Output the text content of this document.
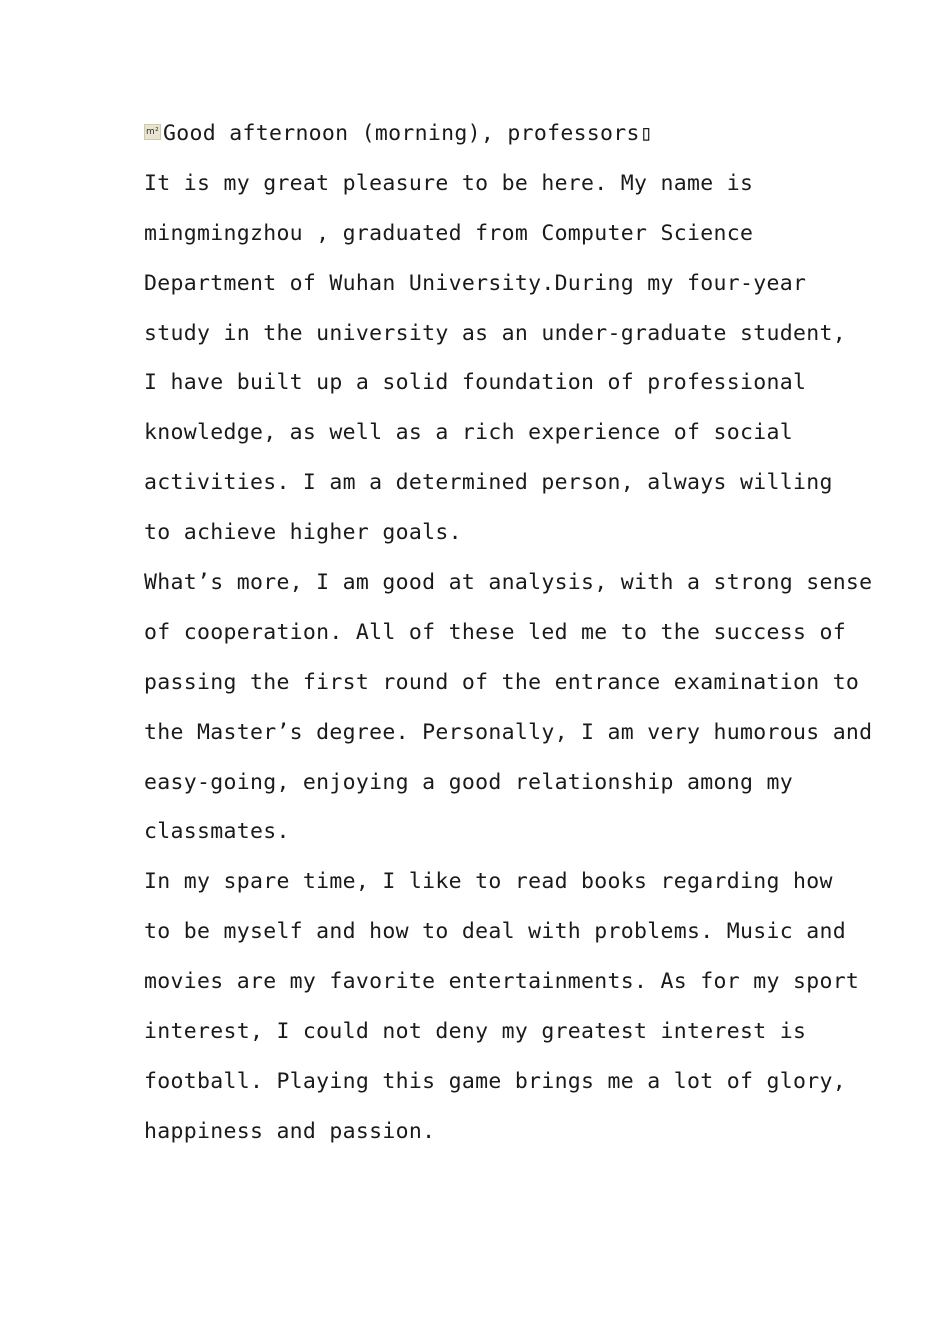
m² Good afternoon (morning), professors▯
It is my great pleasure to be here. My name is
mingmingzhou , graduated from Computer Science
Department of Wuhan University.During my four-year
study in the university as an under-graduate student,
I have built up a solid foundation of professional
knowledge, as well as a rich experience of social
activities. I am a determined person, always willing
to achieve higher goals.
What’s more, I am good at analysis, with a strong sense
of cooperation. All of these led me to the success of
passing the first round of the entrance examination to
the Master’s degree. Personally, I am very humorous and
easy-going, enjoying a good relationship among my
classmates.
In my spare time, I like to read books regarding how
to be myself and how to deal with problems. Music and
movies are my favorite entertainments. As for my sport
interest, I could not deny my greatest interest is
football. Playing this game brings me a lot of glory,
happiness and passion.
